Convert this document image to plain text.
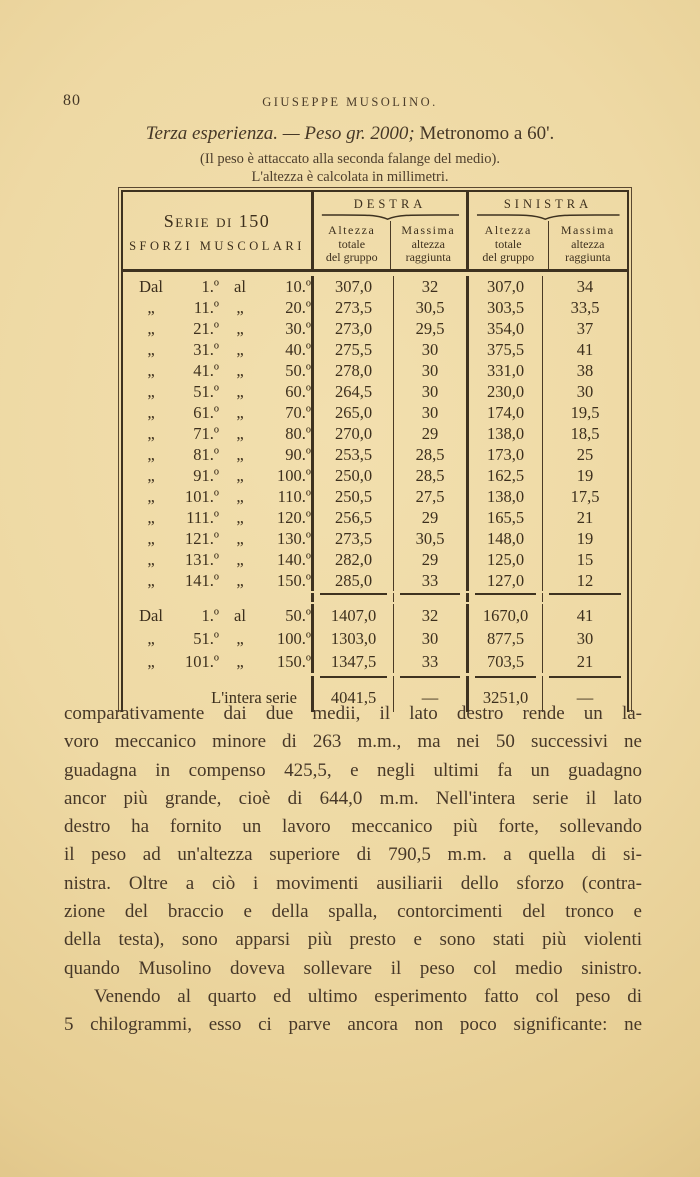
80	GIUSEPPE MUSOLINO.
Terza esperienza. — Peso gr. 2000; Metronomo a 60'.
(Il peso è attaccato alla seconda falange del medio).
L'altezza è calcolata in millimetri.
Serie di 150
SFORZI MUSCOLARI
DESTRA
Altezza
totale
del gruppo
Massima
altezza
raggiunta
SINISTRA
Altezza
totale
del gruppo
Massima
altezza
raggiunta
Dal	1.º al	10.º	307,0	32	307,0	34
„	11.º	„	20.º	273,5	30,5	303,5	33,5
„	21.º	„	30.º	273,0	29,5	354,0	37
„	31.º	„	40.º	275,5	30	375,5	41
„	41.º	„	50.º	278,0	30	331,0	38
„	51.º	„	60.º	264,5	30	230,0	30
„	61.º	„	70.º	265,0	30	174,0	19,5
„	71.º	„	80.º	270,0	29	138,0	18,5
„	81.º	„	90.º	253,5	28,5	173,0	25
„	91.º	„	100.º	250,0	28,5	162,5	19
„	101.º	„	110.º	250,5	27,5	138,0	17,5
„	111.º	„	120.º	256,5	29	165,5	21
„	121.º	„	130.º	273,5	30,5	148,0	19
„	131.º	„	140.º	282,0	29	125,0	15
„	141.º	„	150.º	285,0	33	127,0	12
Dal	1.º al	50.º	1407,0	32	1670,0	41
„	51.º	„	100.º	1303,0	30	877,5	30
„	101.º	„	150.º	1347,5	33	703,5	21
L'intera serie	4041,5	—	3251,0	—
comparativamente dai due medii, il lato destro rende un la-
voro meccanico minore di 263 m.m., ma nei 50 successivi ne
guadagna in compenso 425,5, e negli ultimi fa un guadagno
ancor più grande, cioè di 644,0 m.m. Nell'intera serie il lato
destro ha fornito un lavoro meccanico più forte, sollevando
il peso ad un'altezza superiore di 790,5 m.m. a quella di si-
nistra. Oltre a ciò i movimenti ausiliarii dello sforzo (contra-
zione del braccio e della spalla, contorcimenti del tronco e
della testa), sono apparsi più presto e sono stati più violenti
quando Musolino doveva sollevare il peso col medio sinistro.
Venendo al quarto ed ultimo esperimento fatto col peso di
5 chilogrammi, esso ci parve ancora non poco significante: ne
